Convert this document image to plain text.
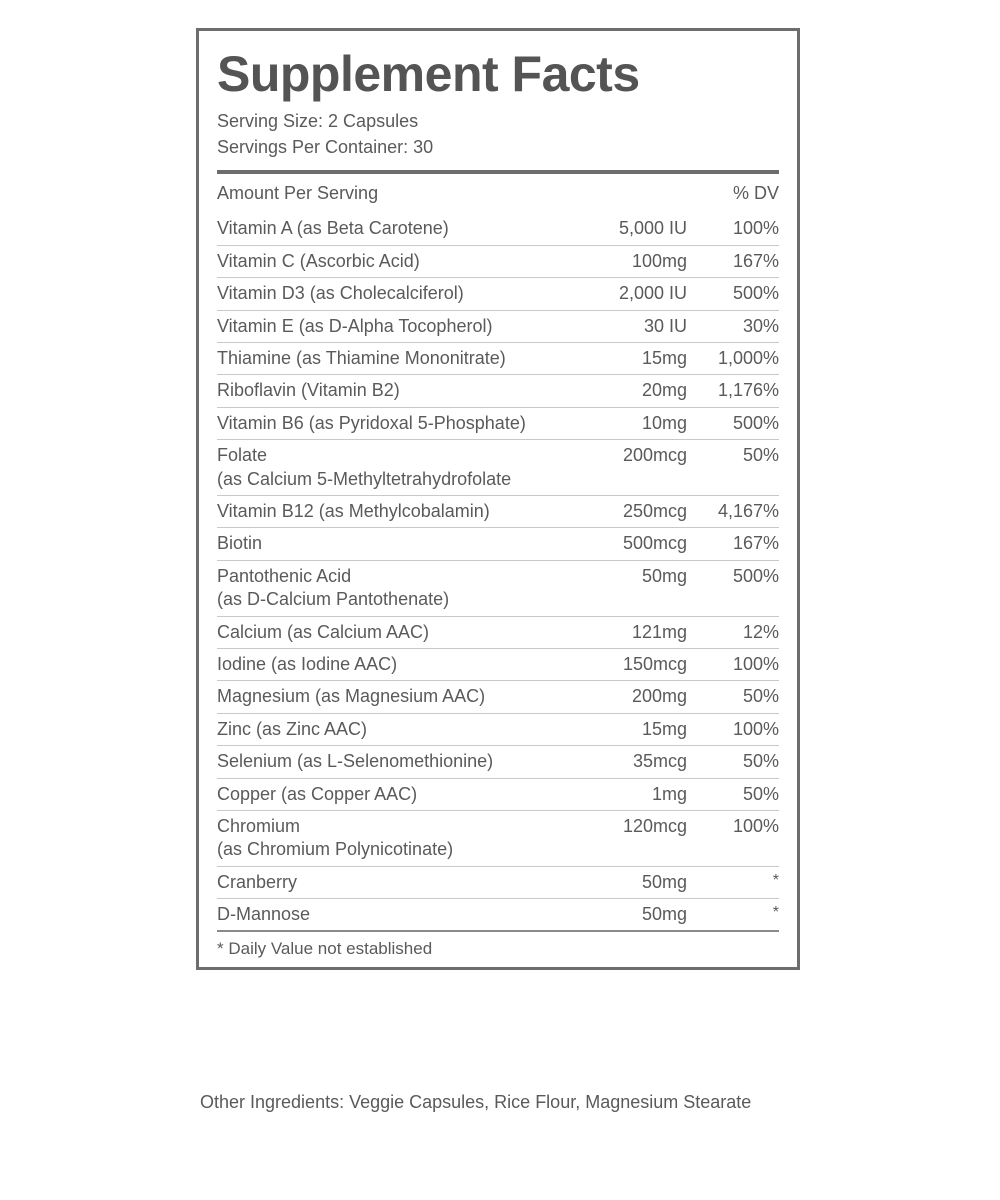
Supplement Facts
Serving Size: 2 Capsules
Servings Per Container: 30
Amount Per Serving		% DV

Vitamin A (as Beta Carotene)	5,000 IU	100%

Vitamin C (Ascorbic Acid)	100mg	167%

Vitamin D3 (as Cholecalciferol)	2,000 IU	500%

Vitamin E (as D-Alpha Tocopherol)	30 IU	30%

Thiamine (as Thiamine Mononitrate)	15mg	1,000%

Riboflavin (Vitamin B2)	20mg	1,176%

Vitamin B6 (as Pyridoxal 5-Phosphate)	10mg	500%

Folate
(as Calcium 5-Methyltetrahydrofolate	200mcg	50%

Vitamin B12 (as Methylcobalamin)	250mcg	4,167%

Biotin	500mcg	167%

Pantothenic Acid
(as D-Calcium Pantothenate)	50mg	500%

Calcium (as Calcium AAC)	121mg	12%

Iodine (as Iodine AAC)	150mcg	100%

Magnesium (as Magnesium AAC)	200mg	50%

Zinc (as Zinc AAC)	15mg	100%

Selenium (as L-Selenomethionine)	35mcg	50%

Copper (as Copper AAC)	1mg	50%

Chromium
(as Chromium Polynicotinate)	120mcg	100%

Cranberry	50mg	*

D-Mannose	50mg	*
* Daily Value not established
Other Ingredients: Veggie Capsules, Rice Flour, Magnesium Stearate
